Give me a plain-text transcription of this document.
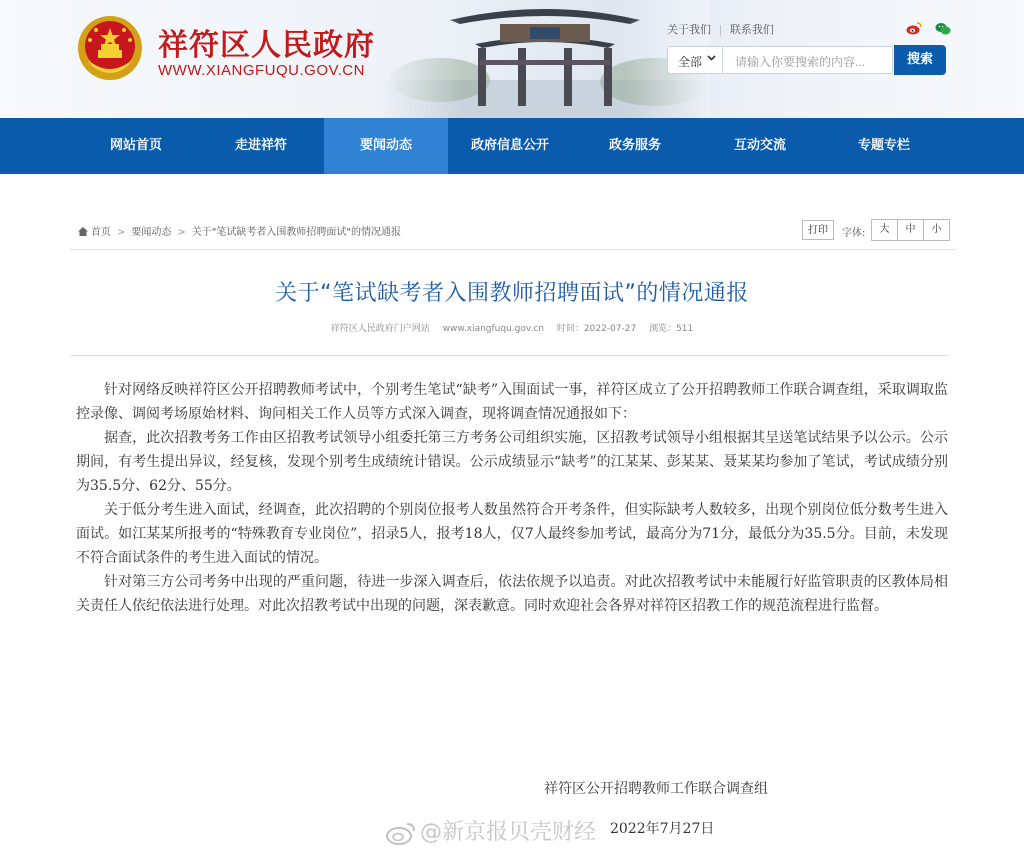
祥符区人民政府
WWW.XIANGFUQU.GOV.CN
关于我们 | 联系我们

全部	请输入你要搜索的内容...	搜索
网站首页	走进祥符	要闻动态	政府信息公开	政务服务	互动交流	专题专栏
首页 > 要闻动态 > 关于"笔试缺考者入围教师招聘面试"的情况通报	打印	字体:	大	中	小
关于“笔试缺考者入围教师招聘面试”的情况通报
祥符区人民政府门户网站 www.xiangfuqu.gov.cn 时间：2022-07-27 浏览：511

针对网络反映祥符区公开招聘教师考试中，个别考生笔试“缺考”入围面试一事，祥符区成立了公开招聘教师工作联合调查组，采取调取监控录像、调阅考场原始材料、询问相关工作人员等方式深入调查，现将调查情况通报如下：

据查，此次招教考务工作由区招教考试领导小组委托第三方考务公司组织实施，区招教考试领导小组根据其呈送笔试结果予以公示。公示期间，有考生提出异议，经复核，发现个别考生成绩统计错误。公示成绩显示“缺考”的江某某、彭某某、聂某某均参加了笔试，考试成绩分别为35.5分、62分、55分。

关于低分考生进入面试，经调查，此次招聘的个别岗位报考人数虽然符合开考条件，但实际缺考人数较多，出现个别岗位低分数考生进入面试。如江某某所报考的“特殊教育专业岗位”，招录5人，报考18人，仅7人最终参加考试，最高分为71分，最低分为35.5分。目前，未发现不符合面试条件的考生进入面试的情况。

针对第三方公司考务中出现的严重问题，待进一步深入调查后，依法依规予以追责。对此次招教考试中未能履行好监管职责的区教体局相关责任人依纪依法进行处理。对此次招教考试中出现的问题，深表歉意。同时欢迎社会各界对祥符区招教工作的规范流程进行监督。

祥符区公开招聘教师工作联合调查组
2022年7月27日
@新京报贝壳财经
